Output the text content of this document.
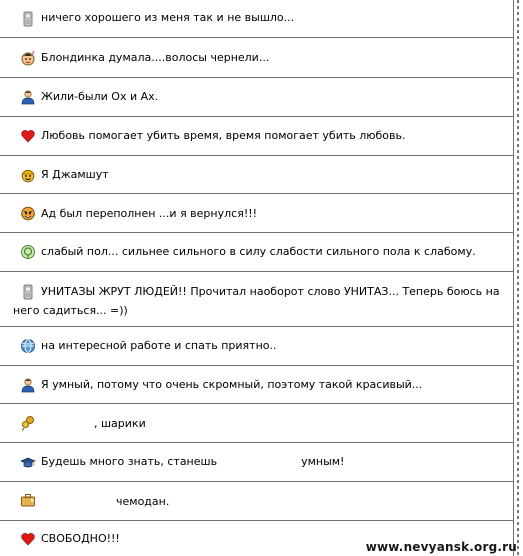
ничего хорошего из меня так и не вышло...
z Блондинка думала....волосы чернели...
Жили-были Ох и Ах.
Любовь помогает убить время, время помогает убить любовь.
Я Джамшут
Ад был переполнен ...и я вернулся!!!
слабый пол... сильнее сильного в силу слабости сильного пола к слабому.
УНИТАЗЫ ЖРУТ ЛЮДЕЙ!! Прочитал наоборот слово УНИТАЗ... Теперь боюсь на него садиться... =))
на интересной работе и спать приятно..
Я умный, потому что очень скромный, поэтому такой красивый...
, шарики
Будешь много знать, станешь	умным!
чемодан.
СВОБОДНО!!!
www.nevyansk.org.ru
